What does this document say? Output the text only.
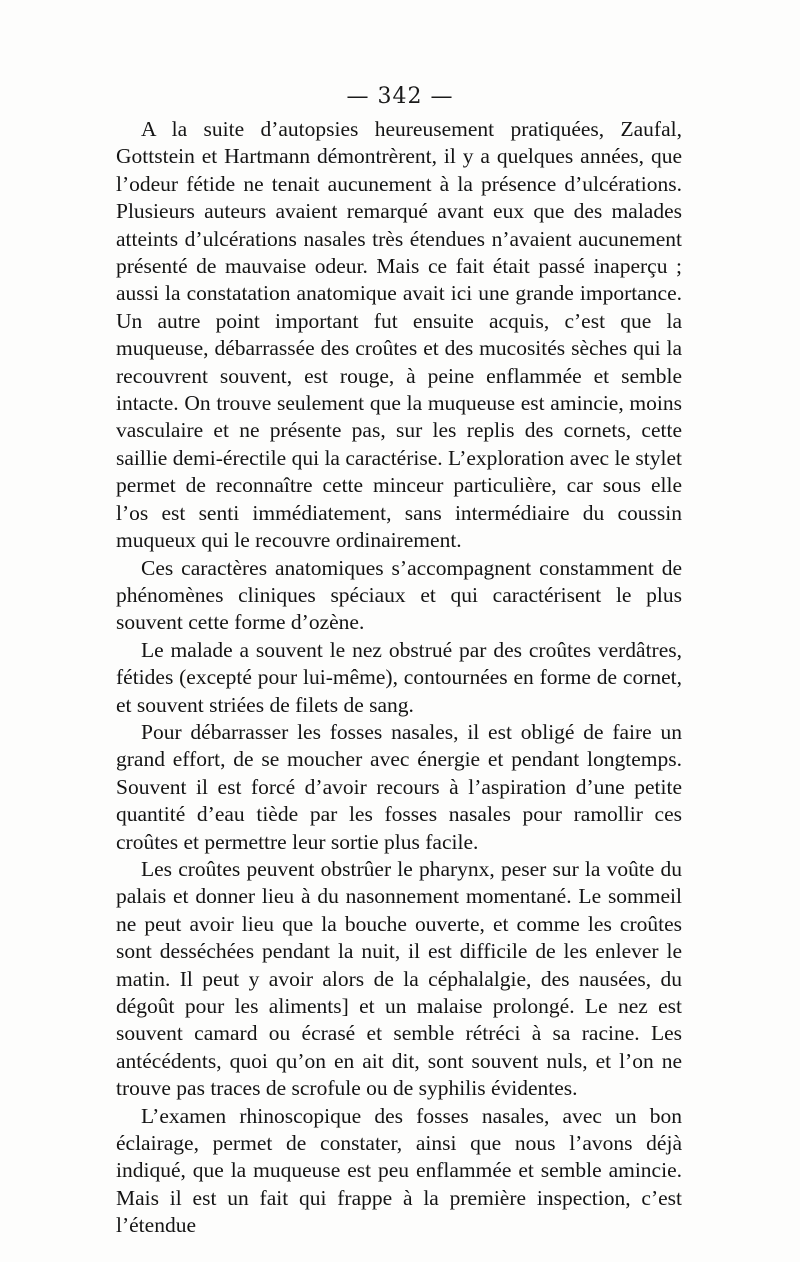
— 342 —

A la suite d’autopsies heureusement pratiquées, Zaufal, Gottstein et Hartmann démontrèrent, il y a quelques années, que l’odeur fétide ne tenait aucunement à la présence d’ulcérations. Plusieurs auteurs avaient remarqué avant eux que des malades atteints d’ulcérations nasales très étendues n’avaient aucunement présenté de mauvaise odeur. Mais ce fait était passé inaperçu ; aussi la constatation anatomique avait ici une grande importance. Un autre point important fut ensuite acquis, c’est que la muqueuse, débarrassée des croûtes et des mucosités sèches qui la recouvrent souvent, est rouge, à peine enflammée et semble intacte. On trouve seulement que la muqueuse est amincie, moins vasculaire et ne présente pas, sur les replis des cornets, cette saillie demi-érectile qui la caractérise. L’exploration avec le stylet permet de reconnaître cette minceur particulière, car sous elle l’os est senti immédiatement, sans intermédiaire du coussin muqueux qui le recouvre ordinairement.

Ces caractères anatomiques s’accompagnent constamment de phénomènes cliniques spéciaux et qui caractérisent le plus souvent cette forme d’ozène.

Le malade a souvent le nez obstrué par des croûtes verdâtres, fétides (excepté pour lui-même), contournées en forme de cornet, et souvent striées de filets de sang.

Pour débarrasser les fosses nasales, il est obligé de faire un grand effort, de se moucher avec énergie et pendant longtemps. Souvent il est forcé d’avoir recours à l’aspiration d’une petite quantité d’eau tiède par les fosses nasales pour ramollir ces croûtes et permettre leur sortie plus facile.

Les croûtes peuvent obstrûer le pharynx, peser sur la voûte du palais et donner lieu à du nasonnement momentané. Le sommeil ne peut avoir lieu que la bouche ouverte, et comme les croûtes sont desséchées pendant la nuit, il est difficile de les enlever le matin. Il peut y avoir alors de la céphalalgie, des nausées, du dégoût pour les aliments] et un malaise prolongé. Le nez est souvent camard ou écrasé et semble rétréci à sa racine. Les antécédents, quoi qu’on en ait dit, sont souvent nuls, et l’on ne trouve pas traces de scrofule ou de syphilis évidentes.

L’examen rhinoscopique des fosses nasales, avec un bon éclairage, permet de constater, ainsi que nous l’avons déjà indiqué, que la muqueuse est peu enflammée et semble amincie. Mais il est un fait qui frappe à la première inspection, c’est l’étendue
